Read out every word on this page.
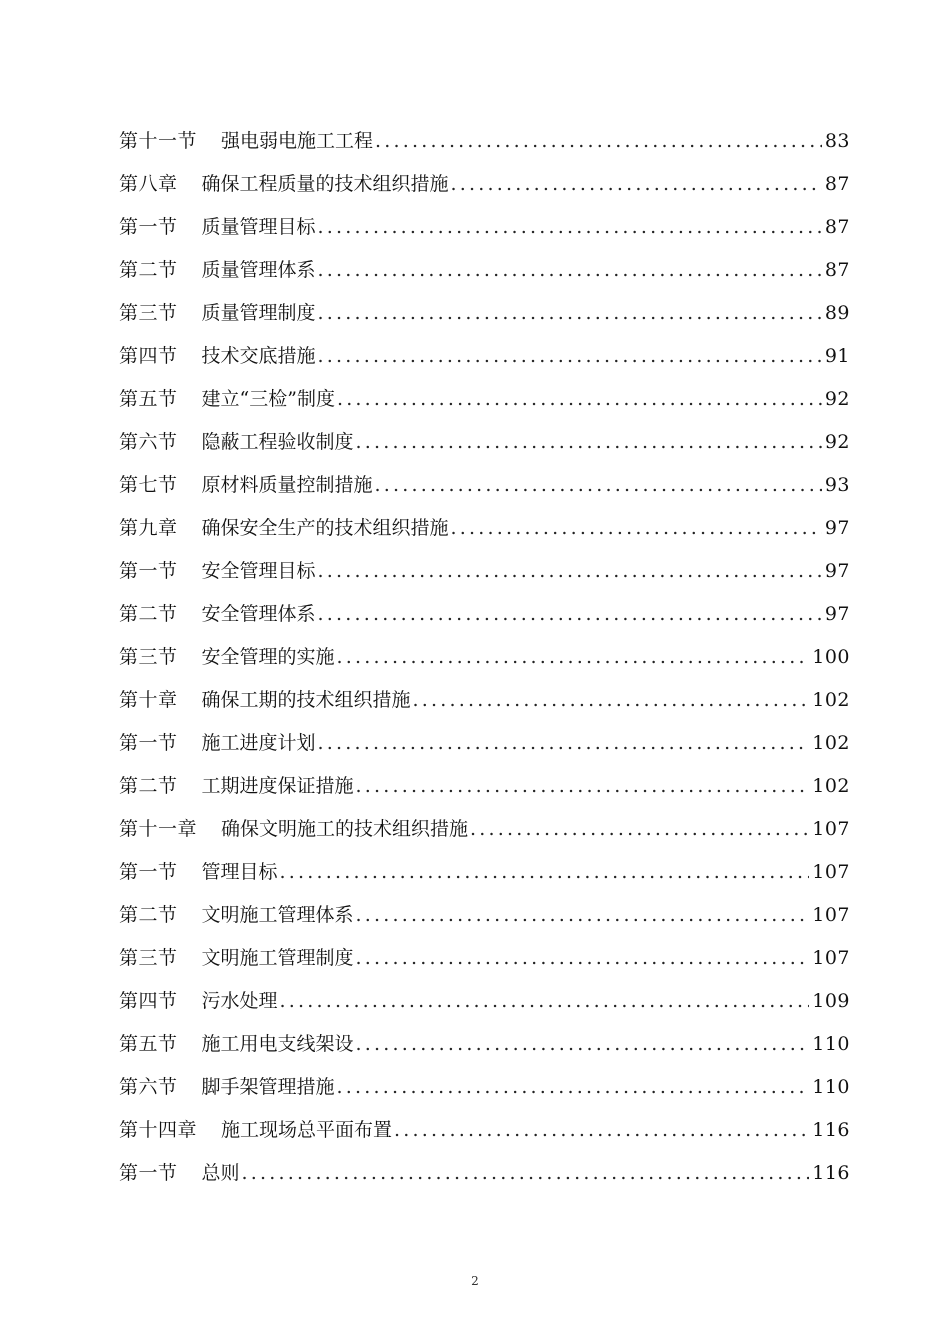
第十一节 强电弱电施工工程 .....	83
第八章 确保工程质量的技术组织措施 .....	87
第一节 质量管理目标 .....	87
第二节 质量管理体系 .....	87
第三节 质量管理制度 .....	89
第四节 技术交底措施 .....	91
第五节 建立“三检”制度 .....	92
第六节 隐蔽工程验收制度 .....	92
第七节 原材料质量控制措施 .....	93
第九章 确保安全生产的技术组织措施 .....	97
第一节 安全管理目标 .....	97
第二节 安全管理体系 .....	97
第三节 安全管理的实施 .....	100
第十章 确保工期的技术组织措施 .....	102
第一节 施工进度计划 .....	102
第二节 工期进度保证措施 .....	102
第十一章 确保文明施工的技术组织措施 .....	107
第一节 管理目标 .....	107
第二节 文明施工管理体系 .....	107
第三节 文明施工管理制度 .....	107
第四节 污水处理 .....	109
第五节 施工用电支线架设 .....	110
第六节 脚手架管理措施 .....	110
第十四章 施工现场总平面布置 .....	116
第一节 总则 .....	116
2
